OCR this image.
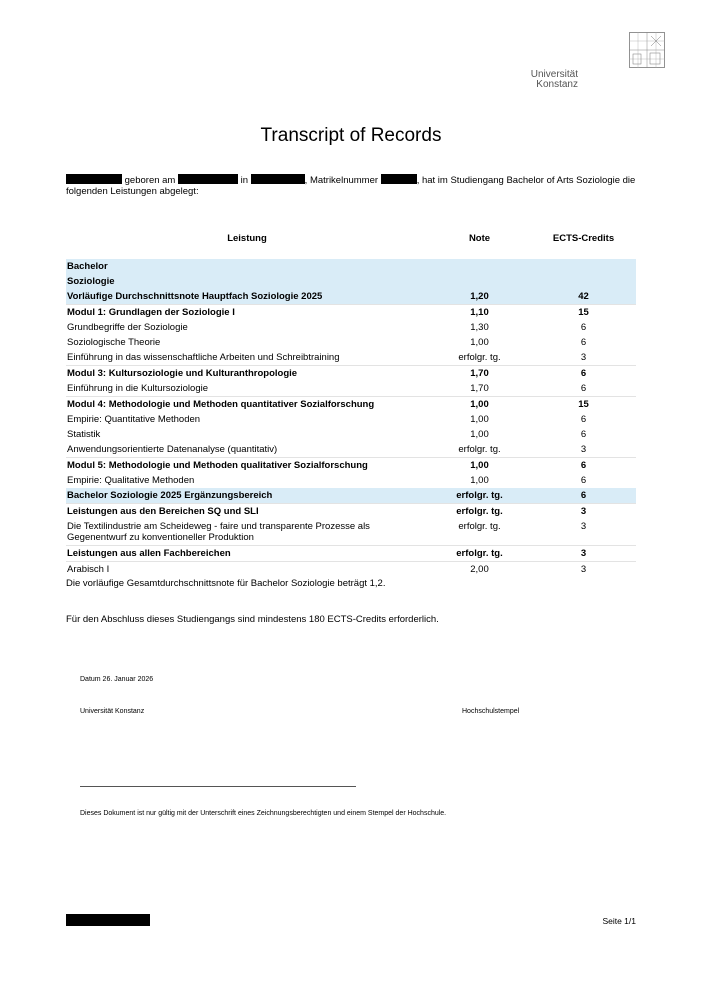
Universität
Konstanz
Transcript of Records
geboren am	in	, Matrikelnummer	, hat im Studiengang Bachelor of Arts Soziologie die folgenden Leistungen abgelegt:
Leistung	Note	ECTS-Credits

Bachelor		
Soziologie		
Vorläufige Durchschnittsnote Hauptfach Soziologie 2025	1,20	42
Modul 1: Grundlagen der Soziologie I	1,10	15
Grundbegriffe der Soziologie	1,30	6
Soziologische Theorie	1,00	6
Einführung in das wissenschaftliche Arbeiten und Schreibtraining	erfolgr. tg.	3
Modul 3: Kultursoziologie und Kulturanthropologie	1,70	6
Einführung in die Kultursoziologie	1,70	6
Modul 4: Methodologie und Methoden quantitativer Sozialforschung	1,00	15
Empirie: Quantitative Methoden	1,00	6
Statistik	1,00	6
Anwendungsorientierte Datenanalyse (quantitativ)	erfolgr. tg.	3
Modul 5: Methodologie und Methoden qualitativer Sozialforschung	1,00	6
Empirie: Qualitative Methoden	1,00	6
Bachelor Soziologie 2025 Ergänzungsbereich	erfolgr. tg.	6
Leistungen aus den Bereichen SQ und SLI	erfolgr. tg.	3
Die Textilindustrie am Scheideweg - faire und transparente Prozesse als Gegenentwurf zu konventioneller Produktion	erfolgr. tg.	3
Leistungen aus allen Fachbereichen	erfolgr. tg.	3
Arabisch I	2,00	3
Die vorläufige Gesamtdurchschnittsnote für Bachelor Soziologie beträgt 1,2.
Für den Abschluss dieses Studiengangs sind mindestens 180 ECTS-Credits erforderlich.
Datum 26. Januar 2026
Universität Konstanz	Hochschulstempel
Dieses Dokument ist nur gültig mit der Unterschrift eines Zeichnungsberechtigten und einem Stempel der Hochschule.
Seite 1/1
